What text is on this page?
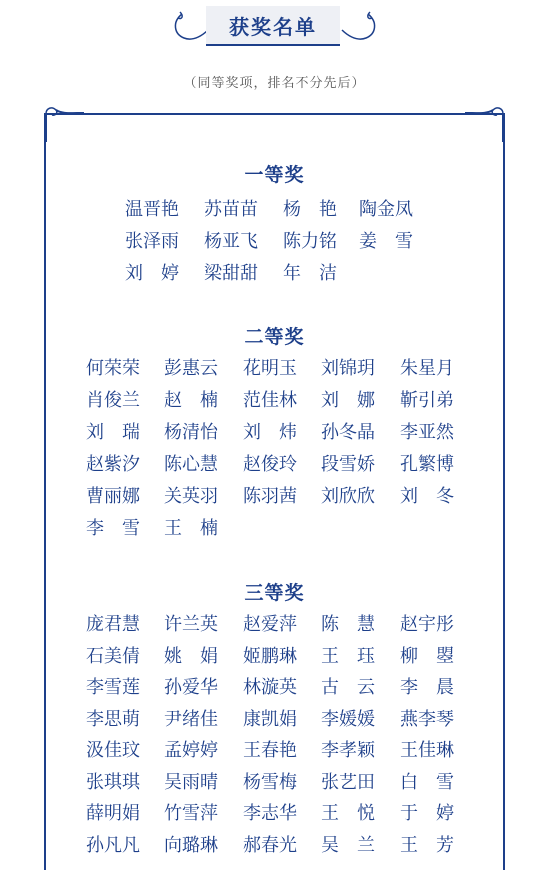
获奖名单
（同等奖项，排名不分先后）
一等奖
温晋艳 苏苗苗 杨　艳 陶金凤
张泽雨 杨亚飞 陈力铭 姜　雪
刘　婷 梁甜甜 年　洁
二等奖
何荣荣 彭惠云 花明玉 刘锦玥 朱星月
肖俊兰 赵　楠 范佳林 刘　娜 靳引弟
刘　瑞 杨清怡 刘　炜 孙冬晶 李亚然
赵紫汐 陈心慧 赵俊玲 段雪娇 孔繁博
曹丽娜 关英羽 陈羽茜 刘欣欣 刘　冬
李　雪 王　楠
三等奖
庞君慧 许兰英 赵爱萍 陈　慧 赵宇彤
石美倩 姚　娟 姬鹏琳 王　珏 柳　曌
李雪莲 孙爱华 林漩英 古　云 李　晨
李思萌 尹绪佳 康凯娟 李媛媛 燕李琴
汲佳玟 孟婷婷 王春艳 李孝颖 王佳琳
张琪琪 吴雨晴 杨雪梅 张艺田 白　雪
薛明娟 竹雪萍 李志华 王　悦 于　婷
孙凡凡 向璐琳 郝春光 吴　兰 王　芳
